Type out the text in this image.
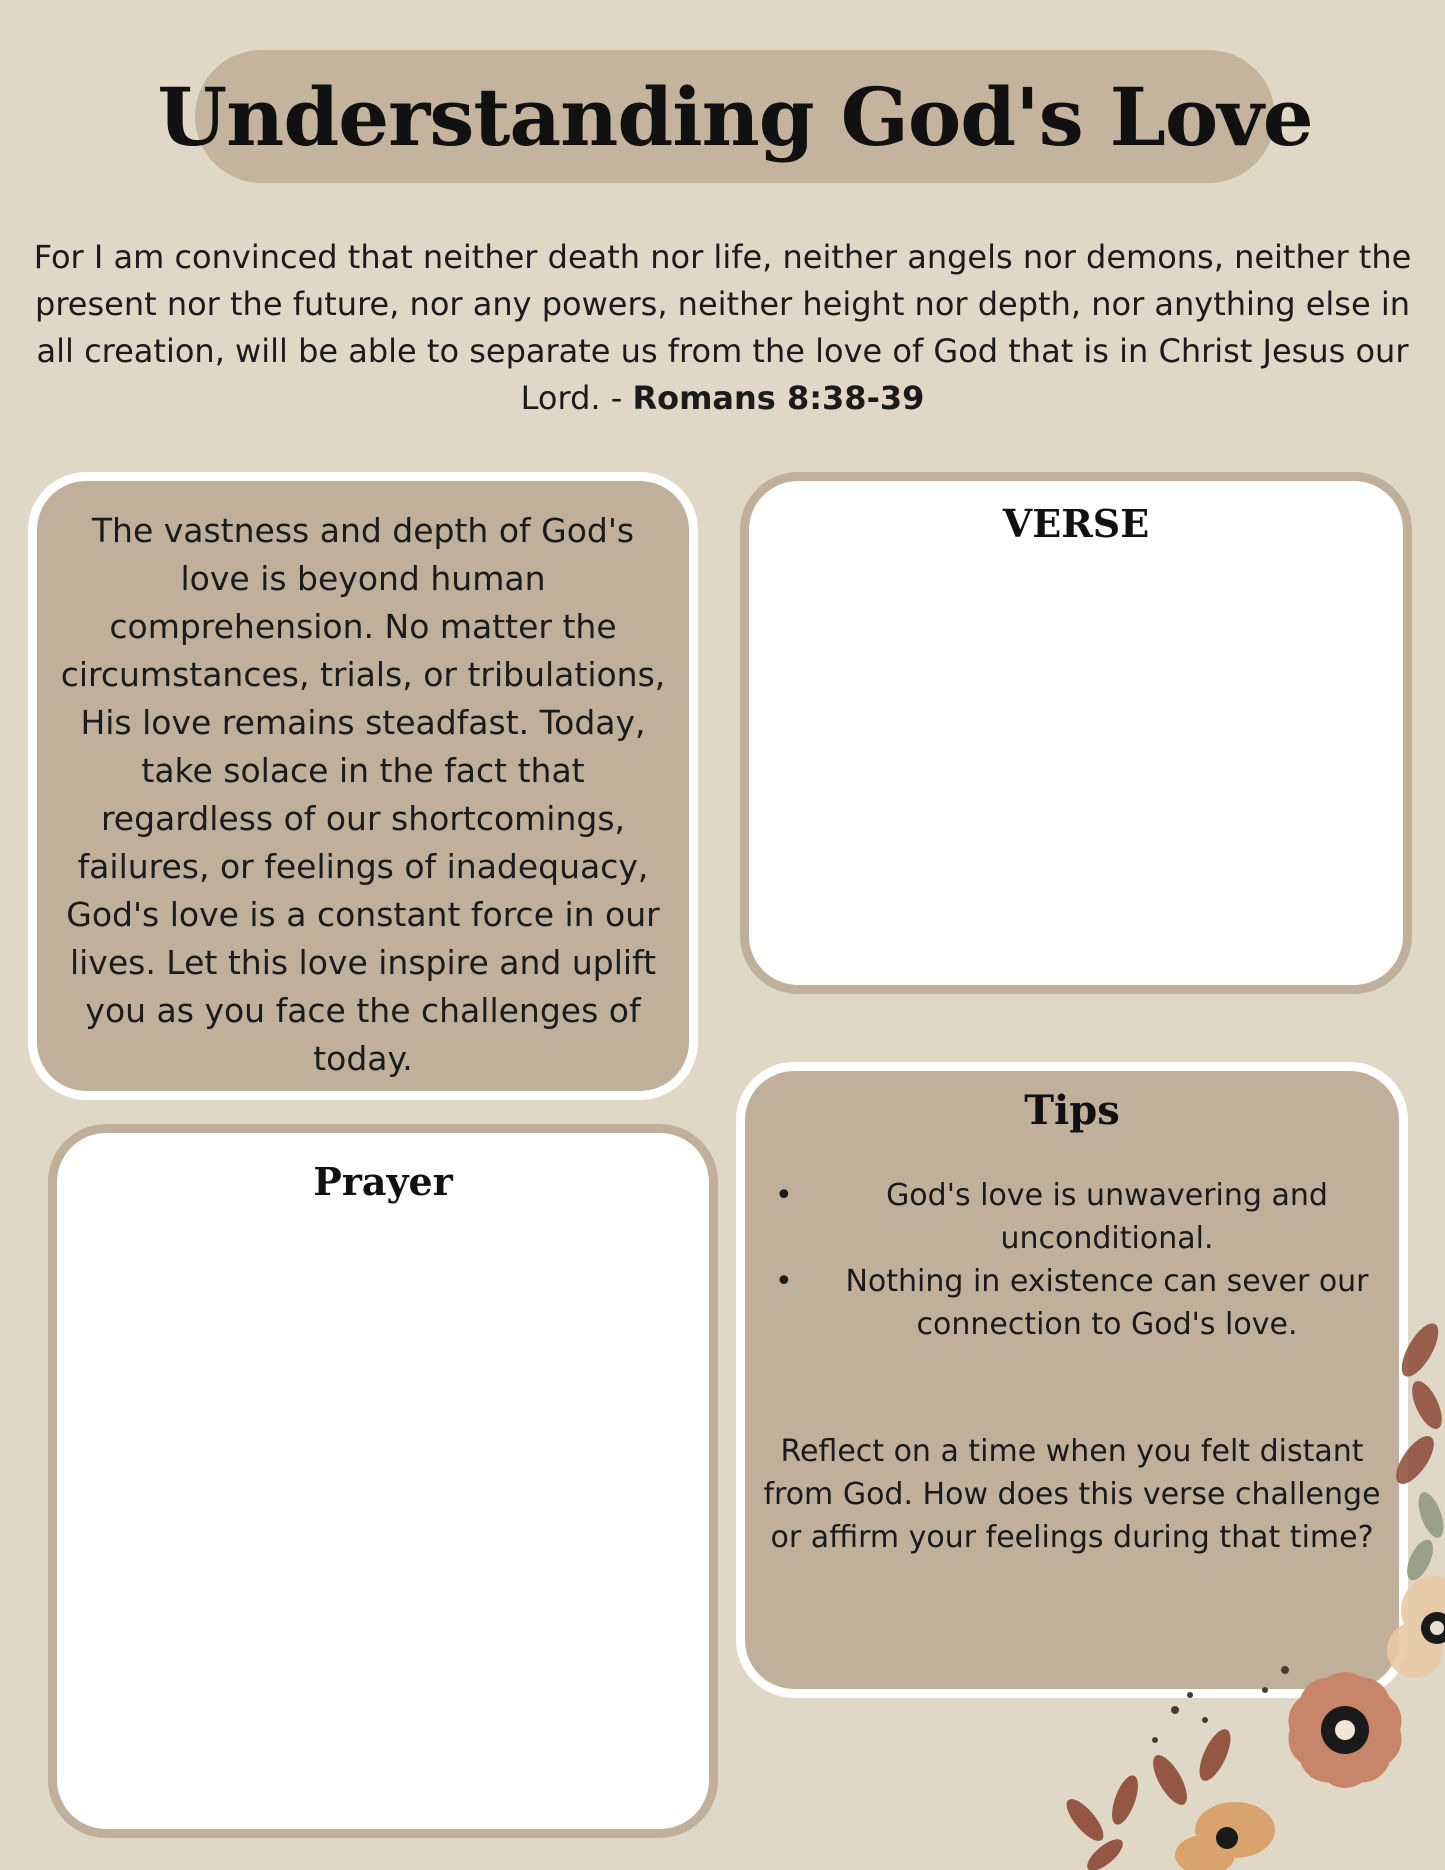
Understanding God's Love
For I am convinced that neither death nor life, neither angels nor demons, neither the present nor the future, nor any powers, neither height nor depth, nor anything else in all creation, will be able to separate us from the love of God that is in Christ Jesus our Lord. - Romans 8:38-39

The vastness and depth of God's love is beyond human comprehension. No matter the circumstances, trials, or tribulations, His love remains steadfast. Today, take solace in the fact that regardless of our shortcomings, failures, or feelings of inadequacy, God's love is a constant force in our lives. Let this love inspire and uplift you as you face the challenges of today.

VERSE
Tips
•	God's love is unwavering and unconditional.
• Nothing in existence can sever our connection to God's love.

Reflect on a time when you felt distant from God. How does this verse challenge or affirm your feelings during that time?

Prayer
